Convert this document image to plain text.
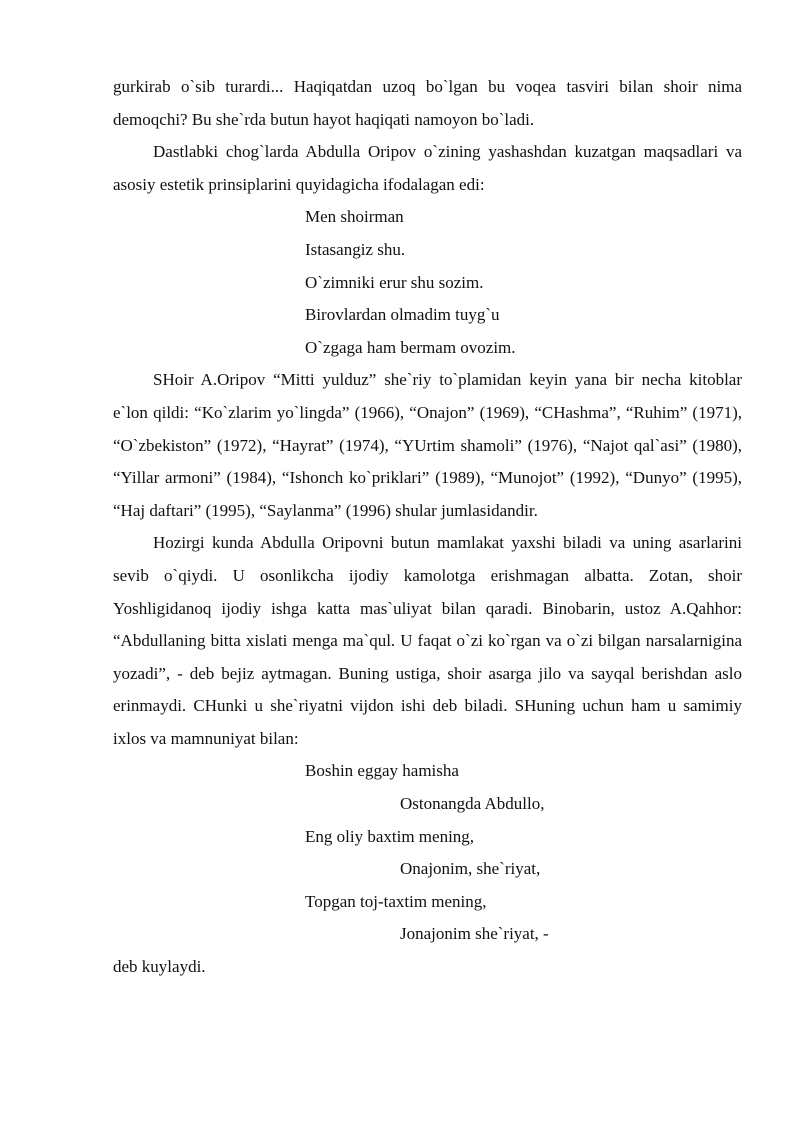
gurkirab o`sib turardi... Haqiqatdan uzoq bo`lgan bu voqea tasviri bilan shoir nima demoqchi? Bu she`rda butun hayot haqiqati namoyon bo`ladi.

Dastlabki chog`larda Abdulla Oripov o`zining yashashdan kuzatgan maqsadlari va asosiy estetik prinsiplarini quyidagicha ifodalagan edi:

Men shoirman
Istasangiz shu.
O`zimniki erur shu sozim.
Birovlardan olmadim tuyg`u
O`zgaga ham bermam ovozim.

SHoir A.Oripov “Mitti yulduz” she`riy to`plamidan keyin yana bir necha kitoblar e`lon qildi: “Ko`zlarim yo`lingda” (1966), “Onajon” (1969), “CHashma”, “Ruhim” (1971), “O`zbekiston” (1972), “Hayrat” (1974), “YUrtim shamoli” (1976), “Najot qal`asi” (1980), “Yillar armoni” (1984), “Ishonch ko`priklari” (1989), “Munojot” (1992), “Dunyo” (1995), “Haj daftari” (1995), “Saylanma” (1996) shular jumlasidandir.

Hozirgi kunda Abdulla Oripovni butun mamlakat yaxshi biladi va uning asarlarini sevib o`qiydi. U osonlikcha ijodiy kamolotga erishmagan albatta. Zotan, shoir Yoshligidanoq ijodiy ishga katta mas`uliyat bilan qaradi. Binobarin, ustoz A.Qahhor: “Abdullaning bitta xislati menga ma`qul. U faqat o`zi ko`rgan va o`zi bilgan narsalarnigina yozadi”, - deb bejiz aytmagan. Buning ustiga, shoir asarga jilo va sayqal berishdan aslo erinmaydi. CHunki u she`riyatni vijdon ishi deb biladi. SHuning uchun ham u samimiy ixlos va mamnuniyat bilan:

Boshin eggay hamisha
Ostonangda Abdullo,
Eng oliy baxtim mening,
Onajonim, she`riyat,
Topgan toj-taxtim mening,
Jonajonim she`riyat, -
deb kuylaydi.
